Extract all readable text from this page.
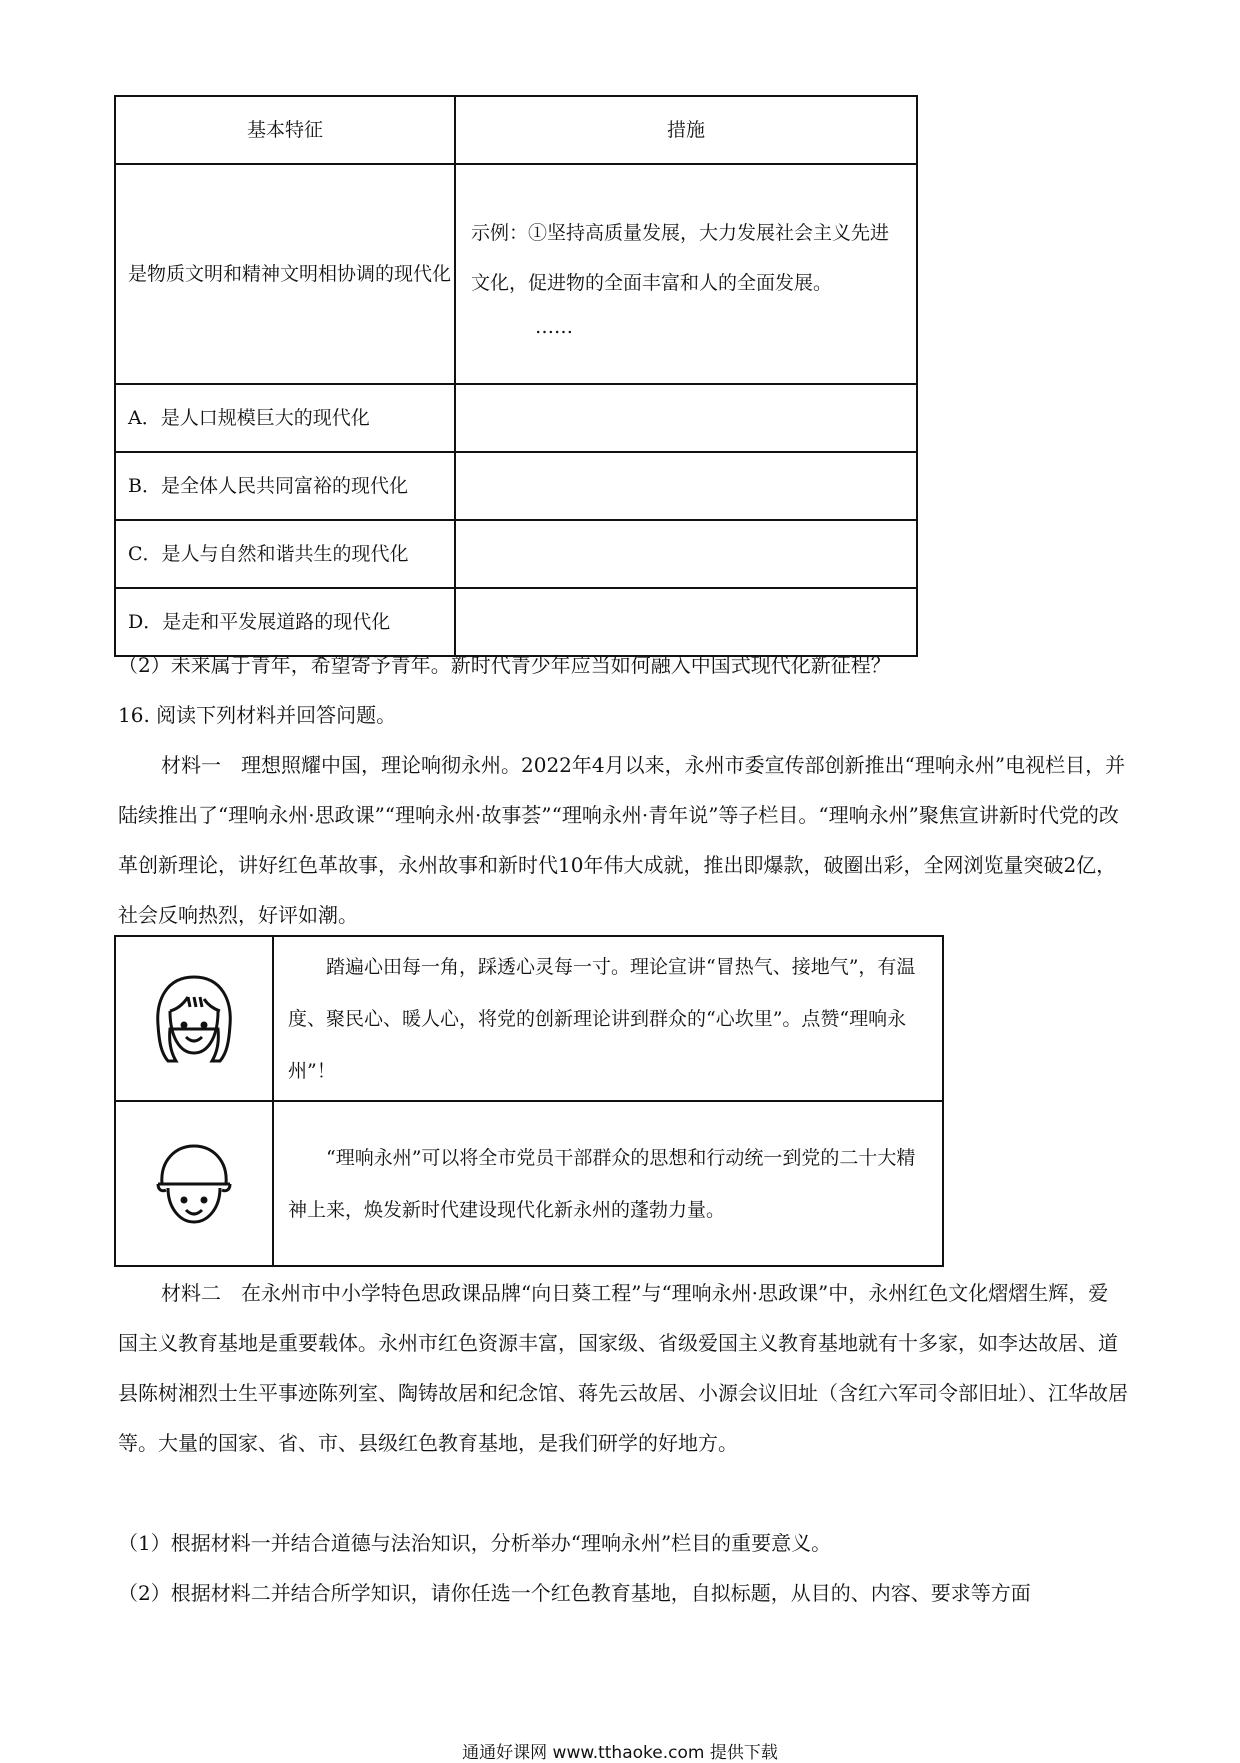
基本特征	措施
是物质文明和精神文明相协调的现代化	示例：①坚持高质量发展，大力发展社会主义先进文化，促进物的全面丰富和人的全面发展。
……

A．是人口规模巨大的现代化	
B．是全体人民共同富裕的现代化	
C．是人与自然和谐共生的现代化	
D．是走和平发展道路的现代化	

（2）未来属于青年，希望寄予青年。新时代青少年应当如何融入中国式现代化新征程？

16. 阅读下列材料并回答问题。

材料一　理想照耀中国，理论响彻永州。2022年4月以来，永州市委宣传部创新推出“理响永州”电视栏目，并陆续推出了“理响永州·思政课”“理响永州·故事荟”“理响永州·青年说”等子栏目。“理响永州”聚焦宣讲新时代党的改革创新理论，讲好红色革故事，永州故事和新时代10年伟大成就，推出即爆款，破圈出彩，全网浏览量突破2亿，社会反响热烈，好评如潮。

	踏遍心田每一角，踩透心灵每一寸。理论宣讲“冒热气、接地气”，有温度、聚民心、暖人心，将党的创新理论讲到群众的“心坎里”。点赞“理响永州”！
	“理响永州”可以将全市党员干部群众的思想和行动统一到党的二十大精神上来，焕发新时代建设现代化新永州的蓬勃力量。

材料二　在永州市中小学特色思政课品牌“向日葵工程”与“理响永州·思政课”中，永州红色文化熠熠生辉，爱国主义教育基地是重要载体。永州市红色资源丰富，国家级、省级爱国主义教育基地就有十多家，如李达故居、道县陈树湘烈士生平事迹陈列室、陶铸故居和纪念馆、蒋先云故居、小源会议旧址（含红六军司令部旧址）、江华故居等。大量的国家、省、市、县级红色教育基地，是我们研学的好地方。

（1）根据材料一并结合道德与法治知识，分析举办“理响永州”栏目的重要意义。

（2）根据材料二并结合所学知识，请你任选一个红色教育基地，自拟标题，从目的、内容、要求等方面

通通好课网 www.tthaoke.com 提供下载
